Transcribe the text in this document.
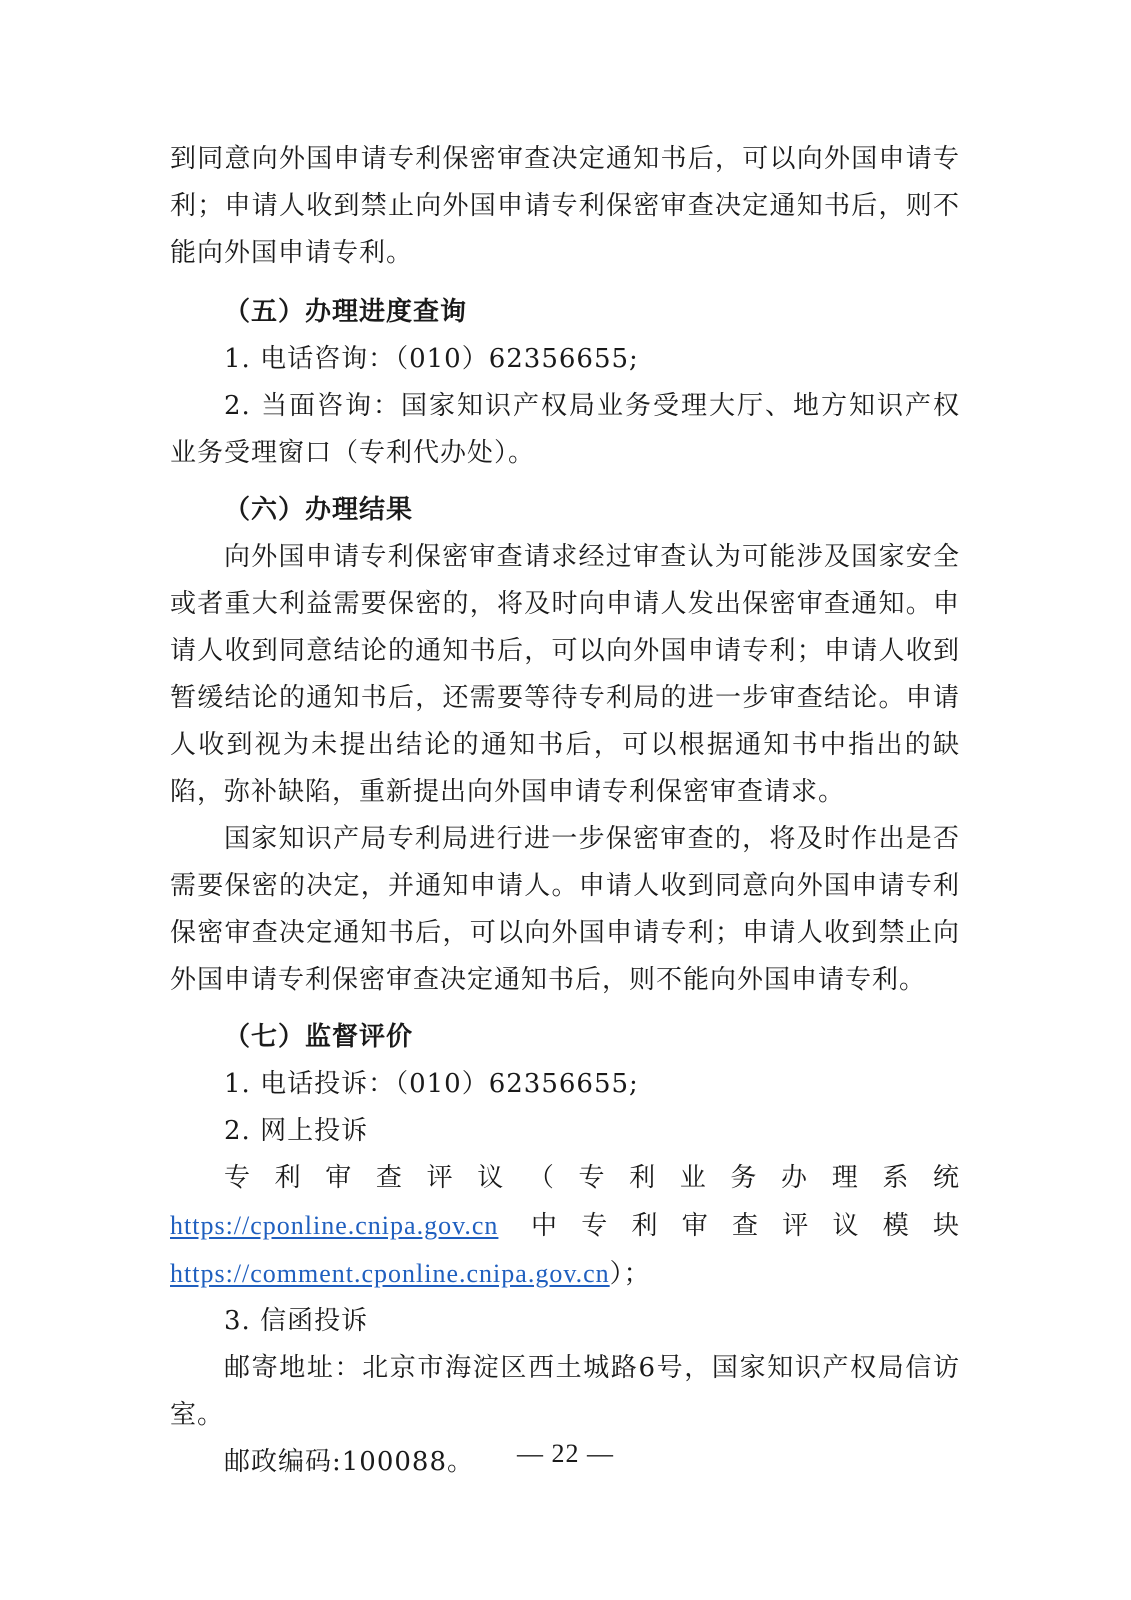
到同意向外国申请专利保密审查决定通知书后，可以向外国申请专利；申请人收到禁止向外国申请专利保密审查决定通知书后，则不能向外国申请专利。

（五）办理进度查询

1. 电话咨询：（010）62356655;

2. 当面咨询：国家知识产权局业务受理大厅、地方知识产权业务受理窗口（专利代办处）。

（六）办理结果

向外国申请专利保密审查请求经过审查认为可能涉及国家安全或者重大利益需要保密的，将及时向申请人发出保密审查通知。申请人收到同意结论的通知书后，可以向外国申请专利；申请人收到暂缓结论的通知书后，还需要等待专利局的进一步审查结论。申请人收到视为未提出结论的通知书后，可以根据通知书中指出的缺陷，弥补缺陷，重新提出向外国申请专利保密审查请求。

国家知识产局专利局进行进一步保密审查的，将及时作出是否需要保密的决定，并通知申请人。申请人收到同意向外国申请专利保密审查决定通知书后，可以向外国申请专利；申请人收到禁止向外国申请专利保密审查决定通知书后，则不能向外国申请专利。

（七）监督评价

1. 电话投诉：（010）62356655;

2. 网上投诉

专利审查评议（专利业务办理系统 https://cponline.cnipa.gov.cn 中专利审查评议模块 https://comment.cponline.cnipa.gov.cn）；

3. 信函投诉

邮寄地址：北京市海淀区西土城路6号，国家知识产权局信访室。

邮政编码:100088。	— 22 —
